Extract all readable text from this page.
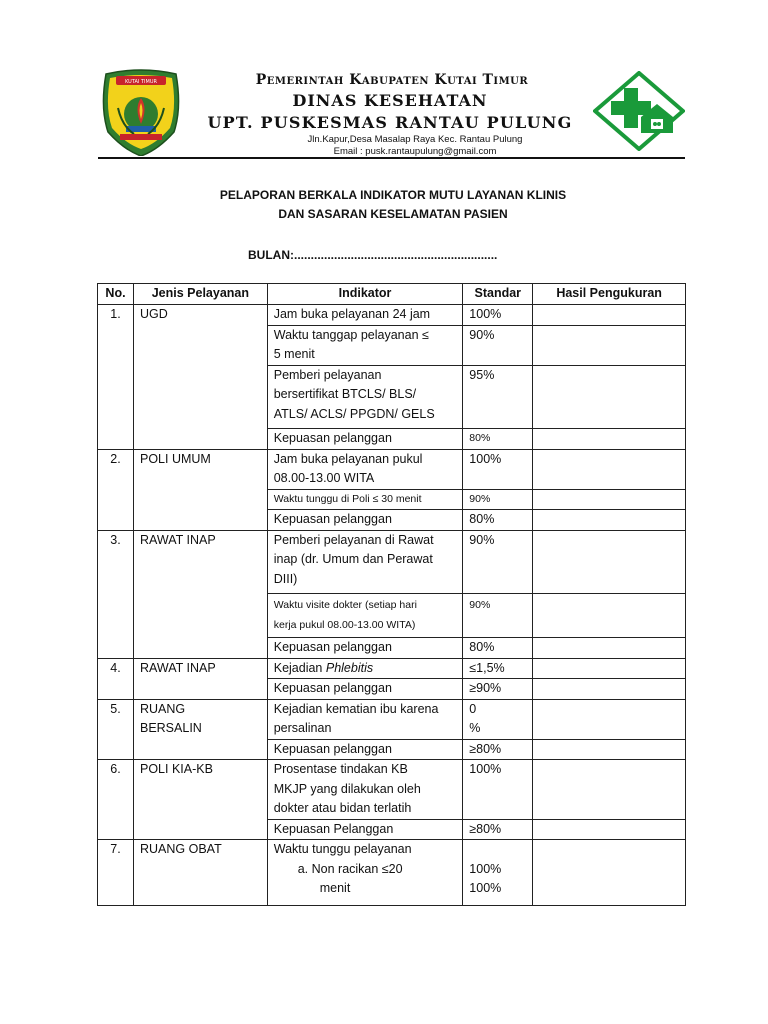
KUTAI TIMUR	Pemerintah Kabupaten Kutai Timur
DINAS KESEHATAN
UPT. PUSKESMAS RANTAU PULUNG
Jln.Kapur,Desa Masalap Raya Kec. Rantau Pulung
Email : pusk.rantaupulung@gmail.com
PELAPORAN BERKALA INDIKATOR MUTU LAYANAN KLINIS
DAN SASARAN KESELAMATAN PASIEN
BULAN:.............................................................
No.	Jenis Pelayanan	Indikator	Standar	Hasil Pengukuran
1.	UGD	Jam buka pelayanan 24 jam	100%	
		Waktu tanggap pelayanan ≤
5 menit	90%	
		Pemberi pelayanan
bersertifikat BTCLS/ BLS/
ATLS/ ACLS/ PPGDN/ GELS	95%	
		Kepuasan pelanggan	80%	
2.	POLI UMUM	Jam buka pelayanan pukul
08.00-13.00 WITA	100%	
		Waktu tunggu di Poli ≤ 30 menit	90%	
		Kepuasan pelanggan	80%	
3.	RAWAT INAP	Pemberi pelayanan di Rawat
inap (dr. Umum dan Perawat
DIII)	90%	
		Waktu visite dokter (setiap hari
kerja pukul 08.00-13.00 WITA)	90%	
		Kepuasan pelanggan	80%	
4.	RAWAT INAP	Kejadian Phlebitis	≤1,5%	
		Kepuasan pelanggan	≥90%	
5.	RUANG
BERSALIN	Kejadian kematian ibu karena
persalinan	0
%	
		Kepuasan pelanggan	≥80%	
6.	POLI KIA-KB	Prosentase tindakan KB
MKJP yang dilakukan oleh
dokter atau bidan terlatih	100%	
		Kepuasan Pelanggan	≥80%	
7.	RUANG OBAT	Waktu tunggu pelayanan
a. Non racikan ≤20
menit	100%
100%	
